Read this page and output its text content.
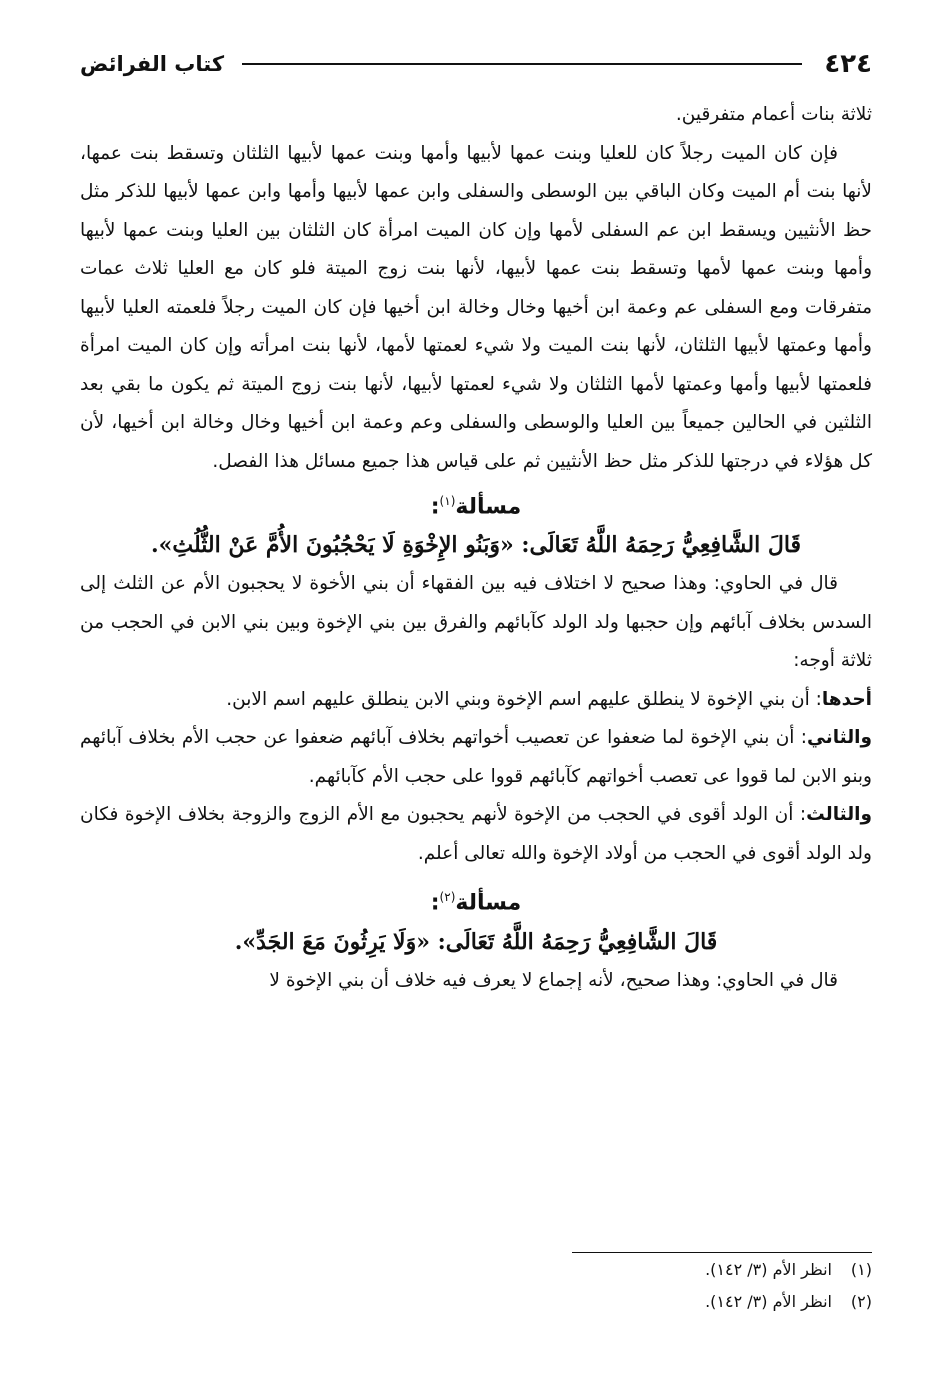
٤٢٤
كتاب الفرائض

ثلاثة بنات أعمام متفرقين.

فإن كان الميت رجلاً كان للعليا وبنت عمها لأبيها وأمها وبنت عمها لأبيها الثلثان وتسقط بنت عمها، لأنها بنت أم الميت وكان الباقي بين الوسطى والسفلى وابن عمها لأبيها وأمها وابن عمها لأبيها للذكر مثل حظ الأنثيين ويسقط ابن عم السفلى لأمها وإن كان الميت امرأة كان الثلثان بين العليا وبنت عمها لأبيها وأمها وبنت عمها لأمها وتسقط بنت عمها لأبيها، لأنها بنت زوج الميتة فلو كان مع العليا ثلاث عمات متفرقات ومع السفلى عم وعمة ابن أخيها وخال وخالة ابن أخيها فإن كان الميت رجلاً فلعمته العليا لأبيها وأمها وعمتها لأبيها الثلثان، لأنها بنت الميت ولا شيء لعمتها لأمها، لأنها بنت امرأته وإن كان الميت امرأة فلعمتها لأبيها وأمها وعمتها لأمها الثلثان ولا شيء لعمتها لأبيها، لأنها بنت زوج الميتة ثم يكون ما بقي بعد الثلثين في الحالين جميعاً بين العليا والوسطى والسفلى وعم وعمة ابن أخيها وخال وخالة ابن أخيها، لأن كل هؤلاء في درجتها للذكر مثل حظ الأنثيين ثم على قياس هذا جميع مسائل هذا الفصل.

مسألة$^{(١)}$:
قَالَ الشَّافِعِيُّ رَحِمَهُ اللَّهُ تَعَالَى: «وَبَنُو الإِخْوَةِ لَا يَحْجُبُونَ الأُمَّ عَنْ الثُّلُثِ».

قال في الحاوي: وهذا صحيح لا اختلاف فيه بين الفقهاء أن بني الأخوة لا يحجبون الأم عن الثلث إلى السدس بخلاف آبائهم وإن حجبها ولد الولد كآبائهم والفرق بين بني الإخوة وبين بني الابن في الحجب من ثلاثة أوجه:

أحدها: أن بني الإخوة لا ينطلق عليهم اسم الإخوة وبني الابن ينطلق عليهم اسم الابن.

والثاني: أن بني الإخوة لما ضعفوا عن تعصيب أخواتهم بخلاف آبائهم ضعفوا عن حجب الأم بخلاف آبائهم وبنو الابن لما قووا عى تعصب أخواتهم كآبائهم قووا على حجب الأم كآبائهم.

والثالث: أن الولد أقوى في الحجب من الإخوة لأنهم يحجبون مع الأم الزوج والزوجة بخلاف الإخوة فكان ولد الولد أقوى في الحجب من أولاد الإخوة والله تعالى أعلم.

مسألة$^{(٢)}$:
قَالَ الشَّافِعِيُّ رَحِمَهُ اللَّهُ تَعَالَى: «وَلَا يَرِثُونَ مَعَ الجَدِّ».

قال في الحاوي: وهذا صحيح، لأنه إجماع لا يعرف فيه خلاف أن بني الإخوة لا

(١)انظر الأم (٣/ ١٤٢).
(٢)انظر الأم (٣/ ١٤٢).
